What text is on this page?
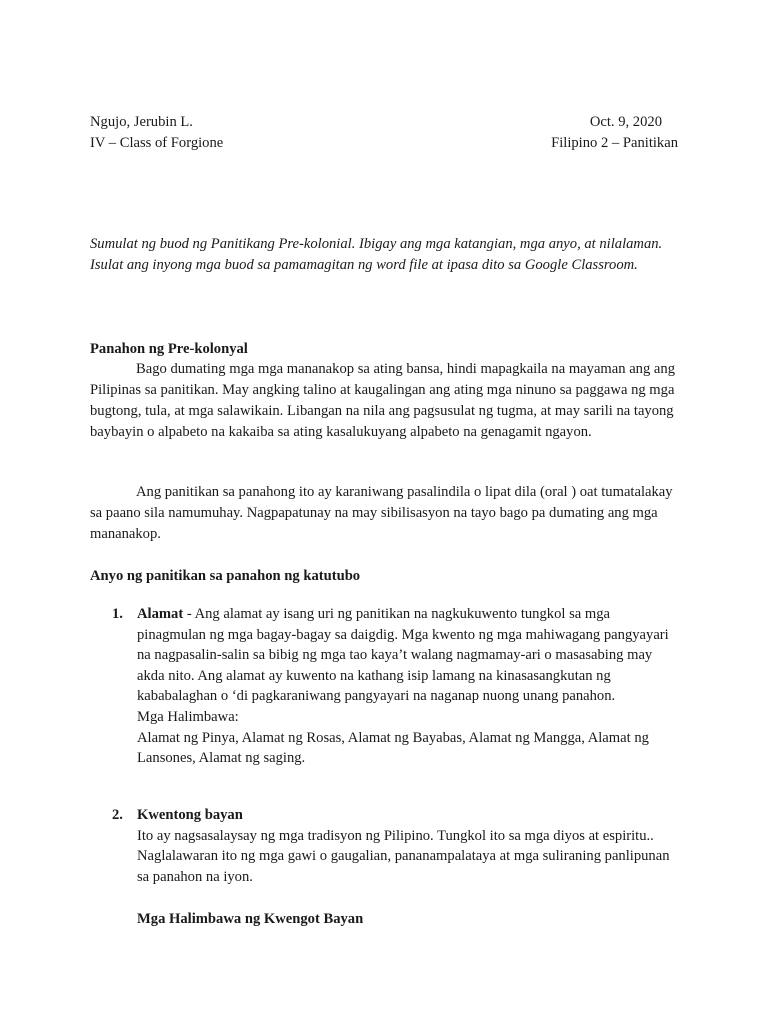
Ngujo, Jerubin L.	Oct. 9, 2020
IV – Class of Forgione	Filipino 2 – Panitikan
Sumulat ng buod ng Panitikang Pre-kolonial. Ibigay ang mga katangian, mga anyo, at nilalaman. Isulat ang inyong mga buod sa pamamagitan ng word file at ipasa dito sa Google Classroom.
Panahon ng Pre-kolonyal
Bago dumating mga mga mananakop sa ating bansa, hindi mapagkaila na mayaman ang ang Pilipinas sa panitikan. May angking talino at kaugalingan ang ating mga ninuno sa paggawa ng mga bugtong, tula, at mga salawikain. Libangan na nila ang pagsusulat ng tugma, at may sarili na tayong baybayin o alpabeto na kakaiba sa ating kasalukuyang alpabeto na genagamit ngayon.
Ang panitikan sa panahong ito ay karaniwang pasalindila o lipat dila (oral ) oat tumatalakay sa paano sila namumuhay. Nagpapatunay na may sibilisasyon na tayo bago pa dumating ang mga mananakop.
Anyo ng panitikan sa panahon ng katutubo
1. Alamat - Ang alamat ay isang uri ng panitikan na nagkukuwento tungkol sa mga pinagmulan ng mga bagay-bagay sa daigdig. Mga kwento ng mga mahiwagang pangyayari na nagpasalin-salin sa bibig ng mga tao kaya’t walang nagmamay-ari o masasabing may akda nito. Ang alamat ay kuwento na kathang isip lamang na kinasasangkutan ng kababalaghan o ‘di pagkaraniwang pangyayari na naganap nuong unang panahon.
Mga Halimbawa:
Alamat ng Pinya, Alamat ng Rosas, Alamat ng Bayabas, Alamat ng Mangga, Alamat ng Lansones, Alamat ng saging.
2. Kwentong bayan
Ito ay nagsasalaysay ng mga tradisyon ng Pilipino. Tungkol ito sa mga diyos at espiritu.. Naglalawaran ito ng mga gawi o gaugalian, pananampalataya at mga suliraning panlipunan sa panahon na iyon.
Mga Halimbawa ng Kwengot Bayan
